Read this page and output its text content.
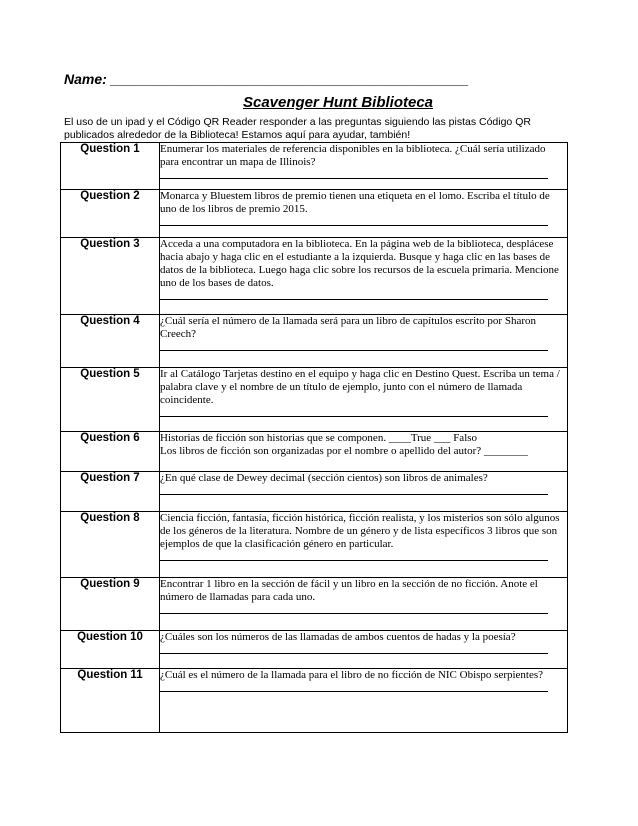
Name: ______________________________________________
Scavenger Hunt Biblioteca
El uso de un ipad y el Código QR Reader responder a las preguntas siguiendo las pistas Código QR publicados alrededor de la Biblioteca! Estamos aquí para ayudar, también!
Question 1	Enumerar los materiales de referencia disponibles en la biblioteca. ¿Cuál sería utilizado para encontrar un mapa de Illinois?

Question 2	Monarca y Bluestem libros de premio tienen una etiqueta en el lomo. Escriba el título de uno de los libros de premio 2015.

Question 3	Acceda a una computadora en la biblioteca. En la página web de la biblioteca, desplácese hacia abajo y haga clic en el estudiante a la izquierda. Busque y haga clic en las bases de datos de la biblioteca. Luego haga clic sobre los recursos de la escuela primaria. Mencione uno de los bases de datos.

Question 4	¿Cuál sería el número de la llamada será para un libro de capítulos escrito por Sharon Creech?

Question 5	Ir al Catálogo Tarjetas destino en el equipo y haga clic en Destino Quest. Escriba un tema / palabra clave y el nombre de un título de ejemplo, junto con el número de llamada coincidente.

Question 6	Historias de ficción son historias que se componen. ____True ___ Falso
Los libros de ficción son organizadas por el nombre o apellido del autor? ________

Question 7	¿En qué clase de Dewey decimal (sección cientos) son libros de animales?

Question 8	Ciencia ficción, fantasía, ficción histórica, ficción realista, y los misterios son sólo algunos de los géneros de la literatura. Nombre de un género y de lista específicos 3 libros que son ejemplos de que la clasificación género en particular.

Question 9	Encontrar 1 libro en la sección de fácil y un libro en la sección de no ficción. Anote el número de llamadas para cada uno.

Question 10	¿Cuáles son los números de las llamadas de ambos cuentos de hadas y la poesía?

Question 11	¿Cuál es el número de la llamada para el libro de no ficción de NIC Obispo serpientes?
